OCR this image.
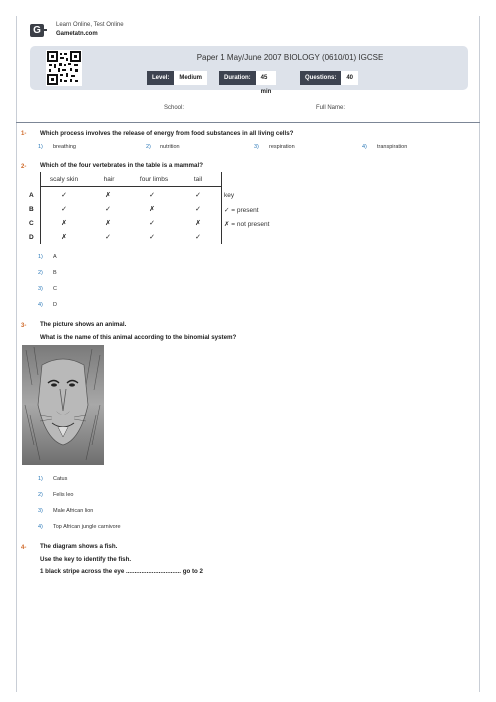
G	Learn Online, Test Online
Gametatn.com
Paper 1 May/June 2007 BIOLOGY (0610/01) IGCSE
Level:	Medium	Duration:	45 min
Questions:	40
School:	Full Name:
1- Which process involves the release of energy from food substances in all living cells?
1) breathing	2) nutrition	3) respiration	4) transpiration
2- Which of the four vertebrates in the table is a mammal?
scaly skin	hair	four limbs	tail
A	✓	✗	✓	✓
B	✓	✓	✗	✓
C	✗	✗	✓	✗
D	✗	✓	✓	✓
key
✓ = present
✗ = not present
1) A
2) B
3) C
4) D
3- The picture shows an animal.
What is the name of this animal according to the binomial system?
1) Catus
2) Felis leo
3) Male African lion
4) Top African jungle carnivore
4- The diagram shows a fish.
Use the key to identify the fish.
1 black stripe across the eye ................................ go to 2
